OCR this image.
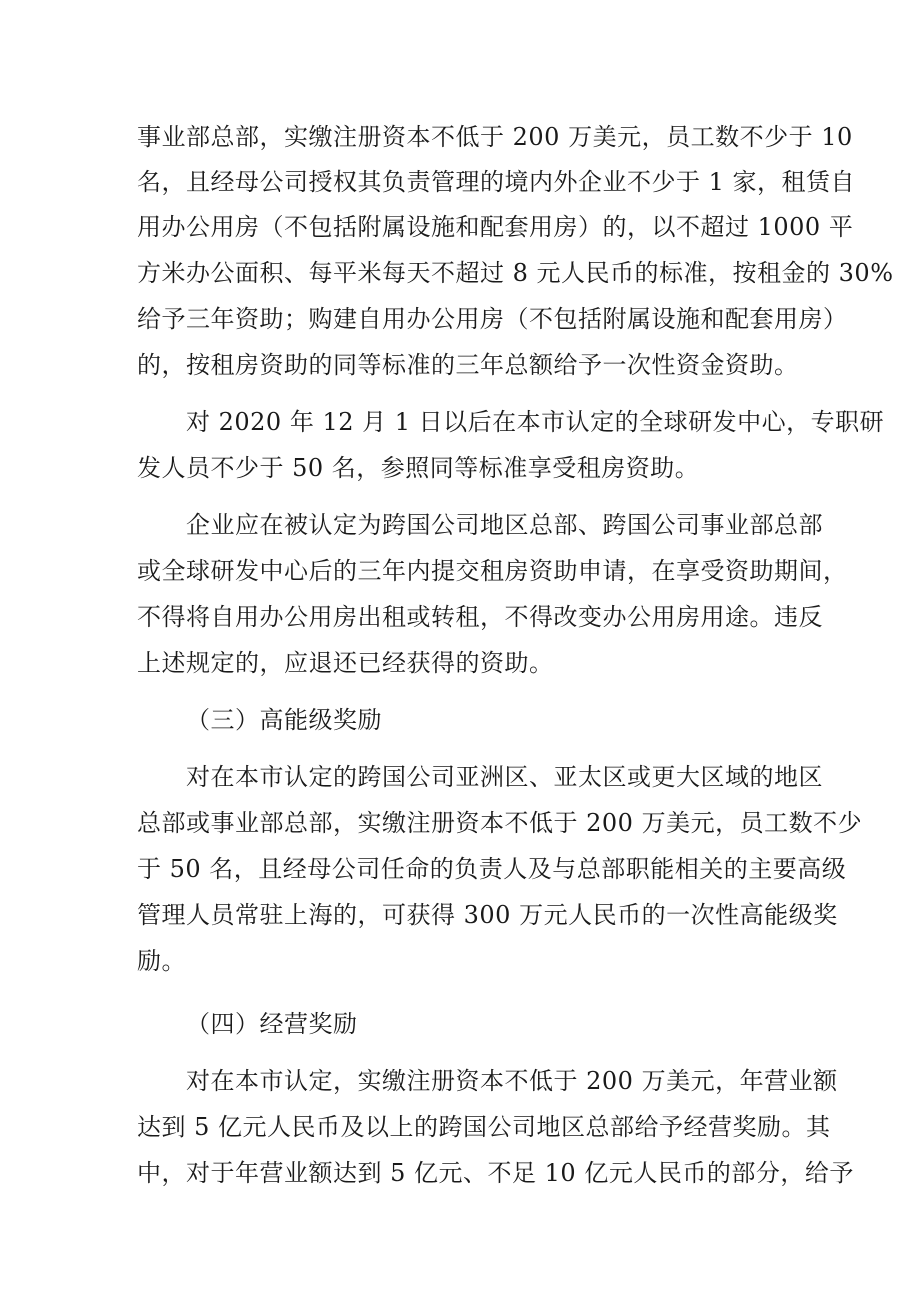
事业部总部，实缴注册资本不低于 200 万美元，员工数不少于 10
名，且经母公司授权其负责管理的境内外企业不少于 1 家，租赁自
用办公用房（不包括附属设施和配套用房）的，以不超过 1000 平
方米办公面积、每平米每天不超过 8 元人民币的标准，按租金的 30%
给予三年资助；购建自用办公用房（不包括附属设施和配套用房）
的，按租房资助的同等标准的三年总额给予一次性资金资助。
对 2020 年 12 月 1 日以后在本市认定的全球研发中心，专职研
发人员不少于 50 名，参照同等标准享受租房资助。
企业应在被认定为跨国公司地区总部、跨国公司事业部总部
或全球研发中心后的三年内提交租房资助申请，在享受资助期间，
不得将自用办公用房出租或转租，不得改变办公用房用途。违反
上述规定的，应退还已经获得的资助。
（三）高能级奖励
对在本市认定的跨国公司亚洲区、亚太区或更大区域的地区
总部或事业部总部，实缴注册资本不低于 200 万美元，员工数不少
于 50 名，且经母公司任命的负责人及与总部职能相关的主要高级
管理人员常驻上海的，可获得 300 万元人民币的一次性高能级奖
励。
（四）经营奖励
对在本市认定，实缴注册资本不低于 200 万美元，年营业额
达到 5 亿元人民币及以上的跨国公司地区总部给予经营奖励。其
中，对于年营业额达到 5 亿元、不足 10 亿元人民币的部分，给予
